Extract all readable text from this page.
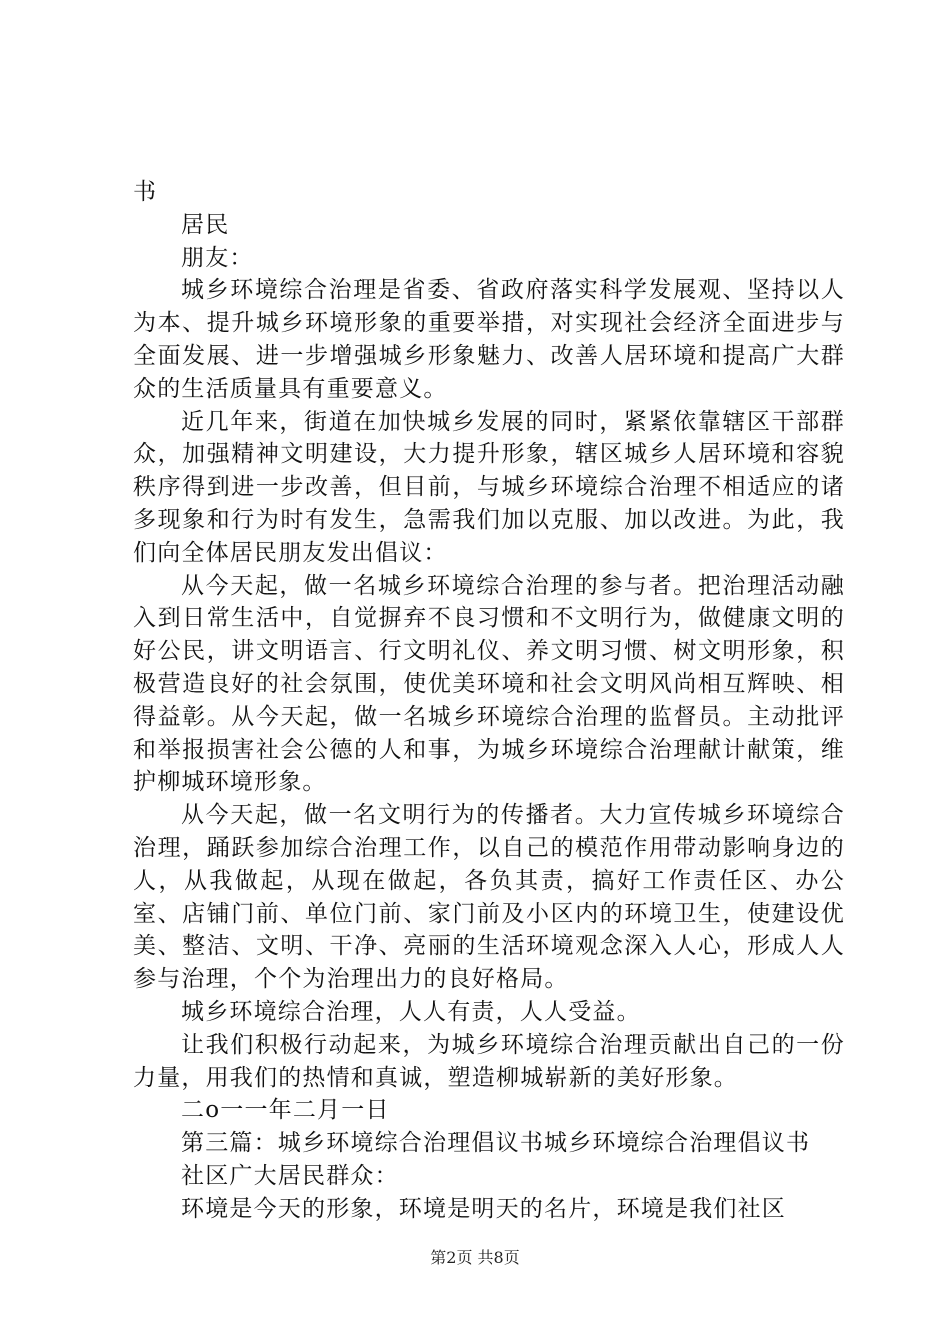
书

居民

朋友：

城乡环境综合治理是省委、省政府落实科学发展观、坚持以人为本、提升城乡环境形象的重要举措，对实现社会经济全面进步与全面发展、进一步增强城乡形象魅力、改善人居环境和提高广大群众的生活质量具有重要意义。

近几年来，街道在加快城乡发展的同时，紧紧依靠辖区干部群众，加强精神文明建设，大力提升形象，辖区城乡人居环境和容貌秩序得到进一步改善，但目前，与城乡环境综合治理不相适应的诸多现象和行为时有发生，急需我们加以克服、加以改进。为此，我们向全体居民朋友发出倡议：

从今天起，做一名城乡环境综合治理的参与者。把治理活动融入到日常生活中，自觉摒弃不良习惯和不文明行为，做健康文明的好公民，讲文明语言、行文明礼仪、养文明习惯、树文明形象，积极营造良好的社会氛围，使优美环境和社会文明风尚相互辉映、相得益彰。从今天起，做一名城乡环境综合治理的监督员。主动批评和举报损害社会公德的人和事，为城乡环境综合治理献计献策，维护柳城环境形象。

从今天起，做一名文明行为的传播者。大力宣传城乡环境综合治理，踊跃参加综合治理工作，以自己的模范作用带动影响身边的人，从我做起，从现在做起，各负其责，搞好工作责任区、办公室、店铺门前、单位门前、家门前及小区内的环境卫生，使建设优美、整洁、文明、干净、亮丽的生活环境观念深入人心，形成人人参与治理，个个为治理出力的良好格局。

城乡环境综合治理，人人有责，人人受益。

让我们积极行动起来，为城乡环境综合治理贡献出自己的一份力量，用我们的热情和真诚，塑造柳城崭新的美好形象。

二o一一年二月一日

第三篇：城乡环境综合治理倡议书城乡环境综合治理倡议书

社区广大居民群众：

环境是今天的形象，环境是明天的名片，环境是我们社区

第2页 共8页
